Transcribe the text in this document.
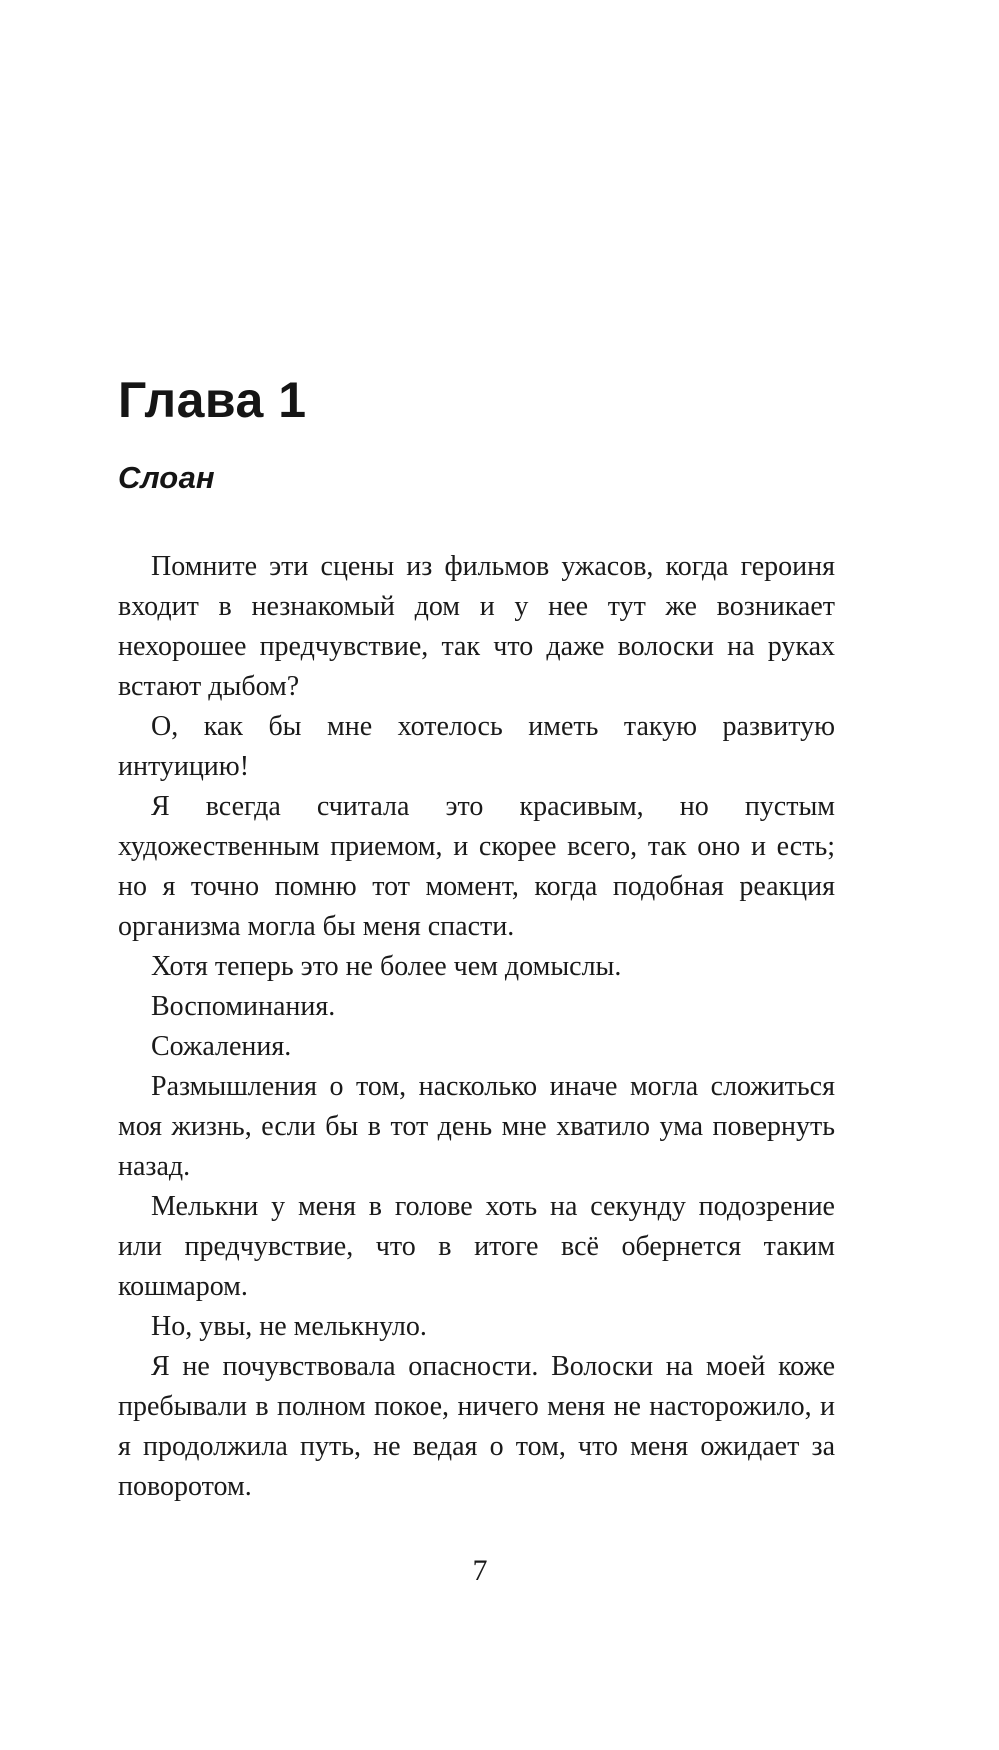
Глава 1
Слоан

Помните эти сцены из фильмов ужасов, когда героиня входит в незнакомый дом и у нее тут же возникает нехорошее предчувствие, так что даже волоски на руках встают дыбом?

О, как бы мне хотелось иметь такую развитую интуицию!

Я всегда считала это красивым, но пустым художественным приемом, и скорее всего, так оно и есть; но я точно помню тот момент, когда подобная реакция организма могла бы меня спасти.

Хотя теперь это не более чем домыслы.

Воспоминания.

Сожаления.

Размышления о том, насколько иначе могла сложиться моя жизнь, если бы в тот день мне хватило ума повернуть назад.

Мелькни у меня в голове хоть на секунду подозрение или предчувствие, что в итоге всё обернется таким кошмаром.

Но, увы, не мелькнуло.

Я не почувствовала опасности. Волоски на моей коже пребывали в полном покое, ничего меня не насторожило, и я продолжила путь, не ведая о том, что меня ожидает за поворотом.

7
